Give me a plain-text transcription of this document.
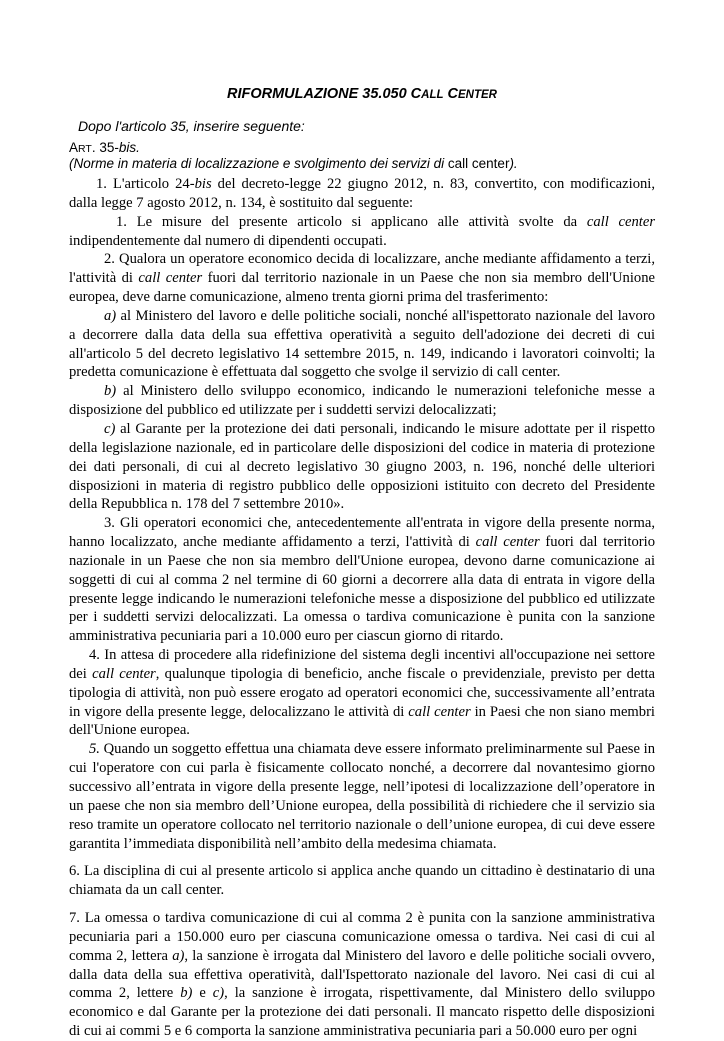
RIFORMULAZIONE 35.050 CALL CENTER
Dopo l'articolo 35, inserire seguente:
ART. 35-bis.
(Norme in materia di localizzazione e svolgimento dei servizi di call center).

1. L'articolo 24-bis del decreto-legge 22 giugno 2012, n. 83, convertito, con modificazioni, dalla legge 7 agosto 2012, n. 134, è sostituito dal seguente:

1. Le misure del presente articolo si applicano alle attività svolte da call center indipendentemente dal numero di dipendenti occupati.

2. Qualora un operatore economico decida di localizzare, anche mediante affidamento a terzi, l'attività di call center fuori dal territorio nazionale in un Paese che non sia membro dell'Unione europea, deve darne comunicazione, almeno trenta giorni prima del trasferimento:

a) al Ministero del lavoro e delle politiche sociali, nonché all'ispettorato nazionale del lavoro a decorrere dalla data della sua effettiva operatività a seguito dell'adozione dei decreti di cui all'articolo 5 del decreto legislativo 14 settembre 2015, n. 149, indicando i lavoratori coinvolti; la predetta comunicazione è effettuata dal soggetto che svolge il servizio di call center.

b) al Ministero dello sviluppo economico, indicando le numerazioni telefoniche messe a disposizione del pubblico ed utilizzate per i suddetti servizi delocalizzati;

c) al Garante per la protezione dei dati personali, indicando le misure adottate per il rispetto della legislazione nazionale, ed in particolare delle disposizioni del codice in materia di protezione dei dati personali, di cui al decreto legislativo 30 giugno 2003, n. 196, nonché delle ulteriori disposizioni in materia di registro pubblico delle opposizioni istituito con decreto del Presidente della Repubblica n. 178 del 7 settembre 2010».

3. Gli operatori economici che, antecedentemente all'entrata in vigore della presente norma, hanno localizzato, anche mediante affidamento a terzi, l'attività di call center fuori dal territorio nazionale in un Paese che non sia membro dell'Unione europea, devono darne comunicazione ai soggetti di cui al comma 2 nel termine di 60 giorni a decorrere alla data di entrata in vigore della presente legge indicando le numerazioni telefoniche messe a disposizione del pubblico ed utilizzate per i suddetti servizi delocalizzati. La omessa o tardiva comunicazione è punita con la sanzione amministrativa pecuniaria pari a 10.000 euro per ciascun giorno di ritardo.

4. In attesa di procedere alla ridefinizione del sistema degli incentivi all'occupazione nei settore dei call center, qualunque tipologia di beneficio, anche fiscale o previdenziale, previsto per detta tipologia di attività, non può essere erogato ad operatori economici che, successivamente all’entrata in vigore della presente legge, delocalizzano le attività di call center in Paesi che non siano membri dell'Unione europea.

5. Quando un soggetto effettua una chiamata deve essere informato preliminarmente sul Paese in cui l'operatore con cui parla è fisicamente collocato nonché, a decorrere dal novantesimo giorno successivo all’entrata in vigore della presente legge, nell’ipotesi di localizzazione dell’operatore in un paese che non sia membro dell’Unione europea, della possibilità di richiedere che il servizio sia reso tramite un operatore collocato nel territorio nazionale o dell’unione europea, di cui deve essere garantita l’immediata disponibilità nell’ambito della medesima chiamata.

6. La disciplina di cui al presente articolo si applica anche quando un cittadino è destinatario di una chiamata da un call center.

7. La omessa o tardiva comunicazione di cui al comma 2 è punita con la sanzione amministrativa pecuniaria pari a 150.000 euro per ciascuna comunicazione omessa o tardiva. Nei casi di cui al comma 2, lettera a), la sanzione è irrogata dal Ministero del lavoro e delle politiche sociali ovvero, dalla data della sua effettiva operatività, dall'Ispettorato nazionale del lavoro. Nei casi di cui al comma 2, lettere b) e c), la sanzione è irrogata, rispettivamente, dal Ministero dello sviluppo economico e dal Garante per la protezione dei dati personali. Il mancato rispetto delle disposizioni di cui ai commi 5 e 6 comporta la sanzione amministrativa pecuniaria pari a 50.000 euro per ogni
